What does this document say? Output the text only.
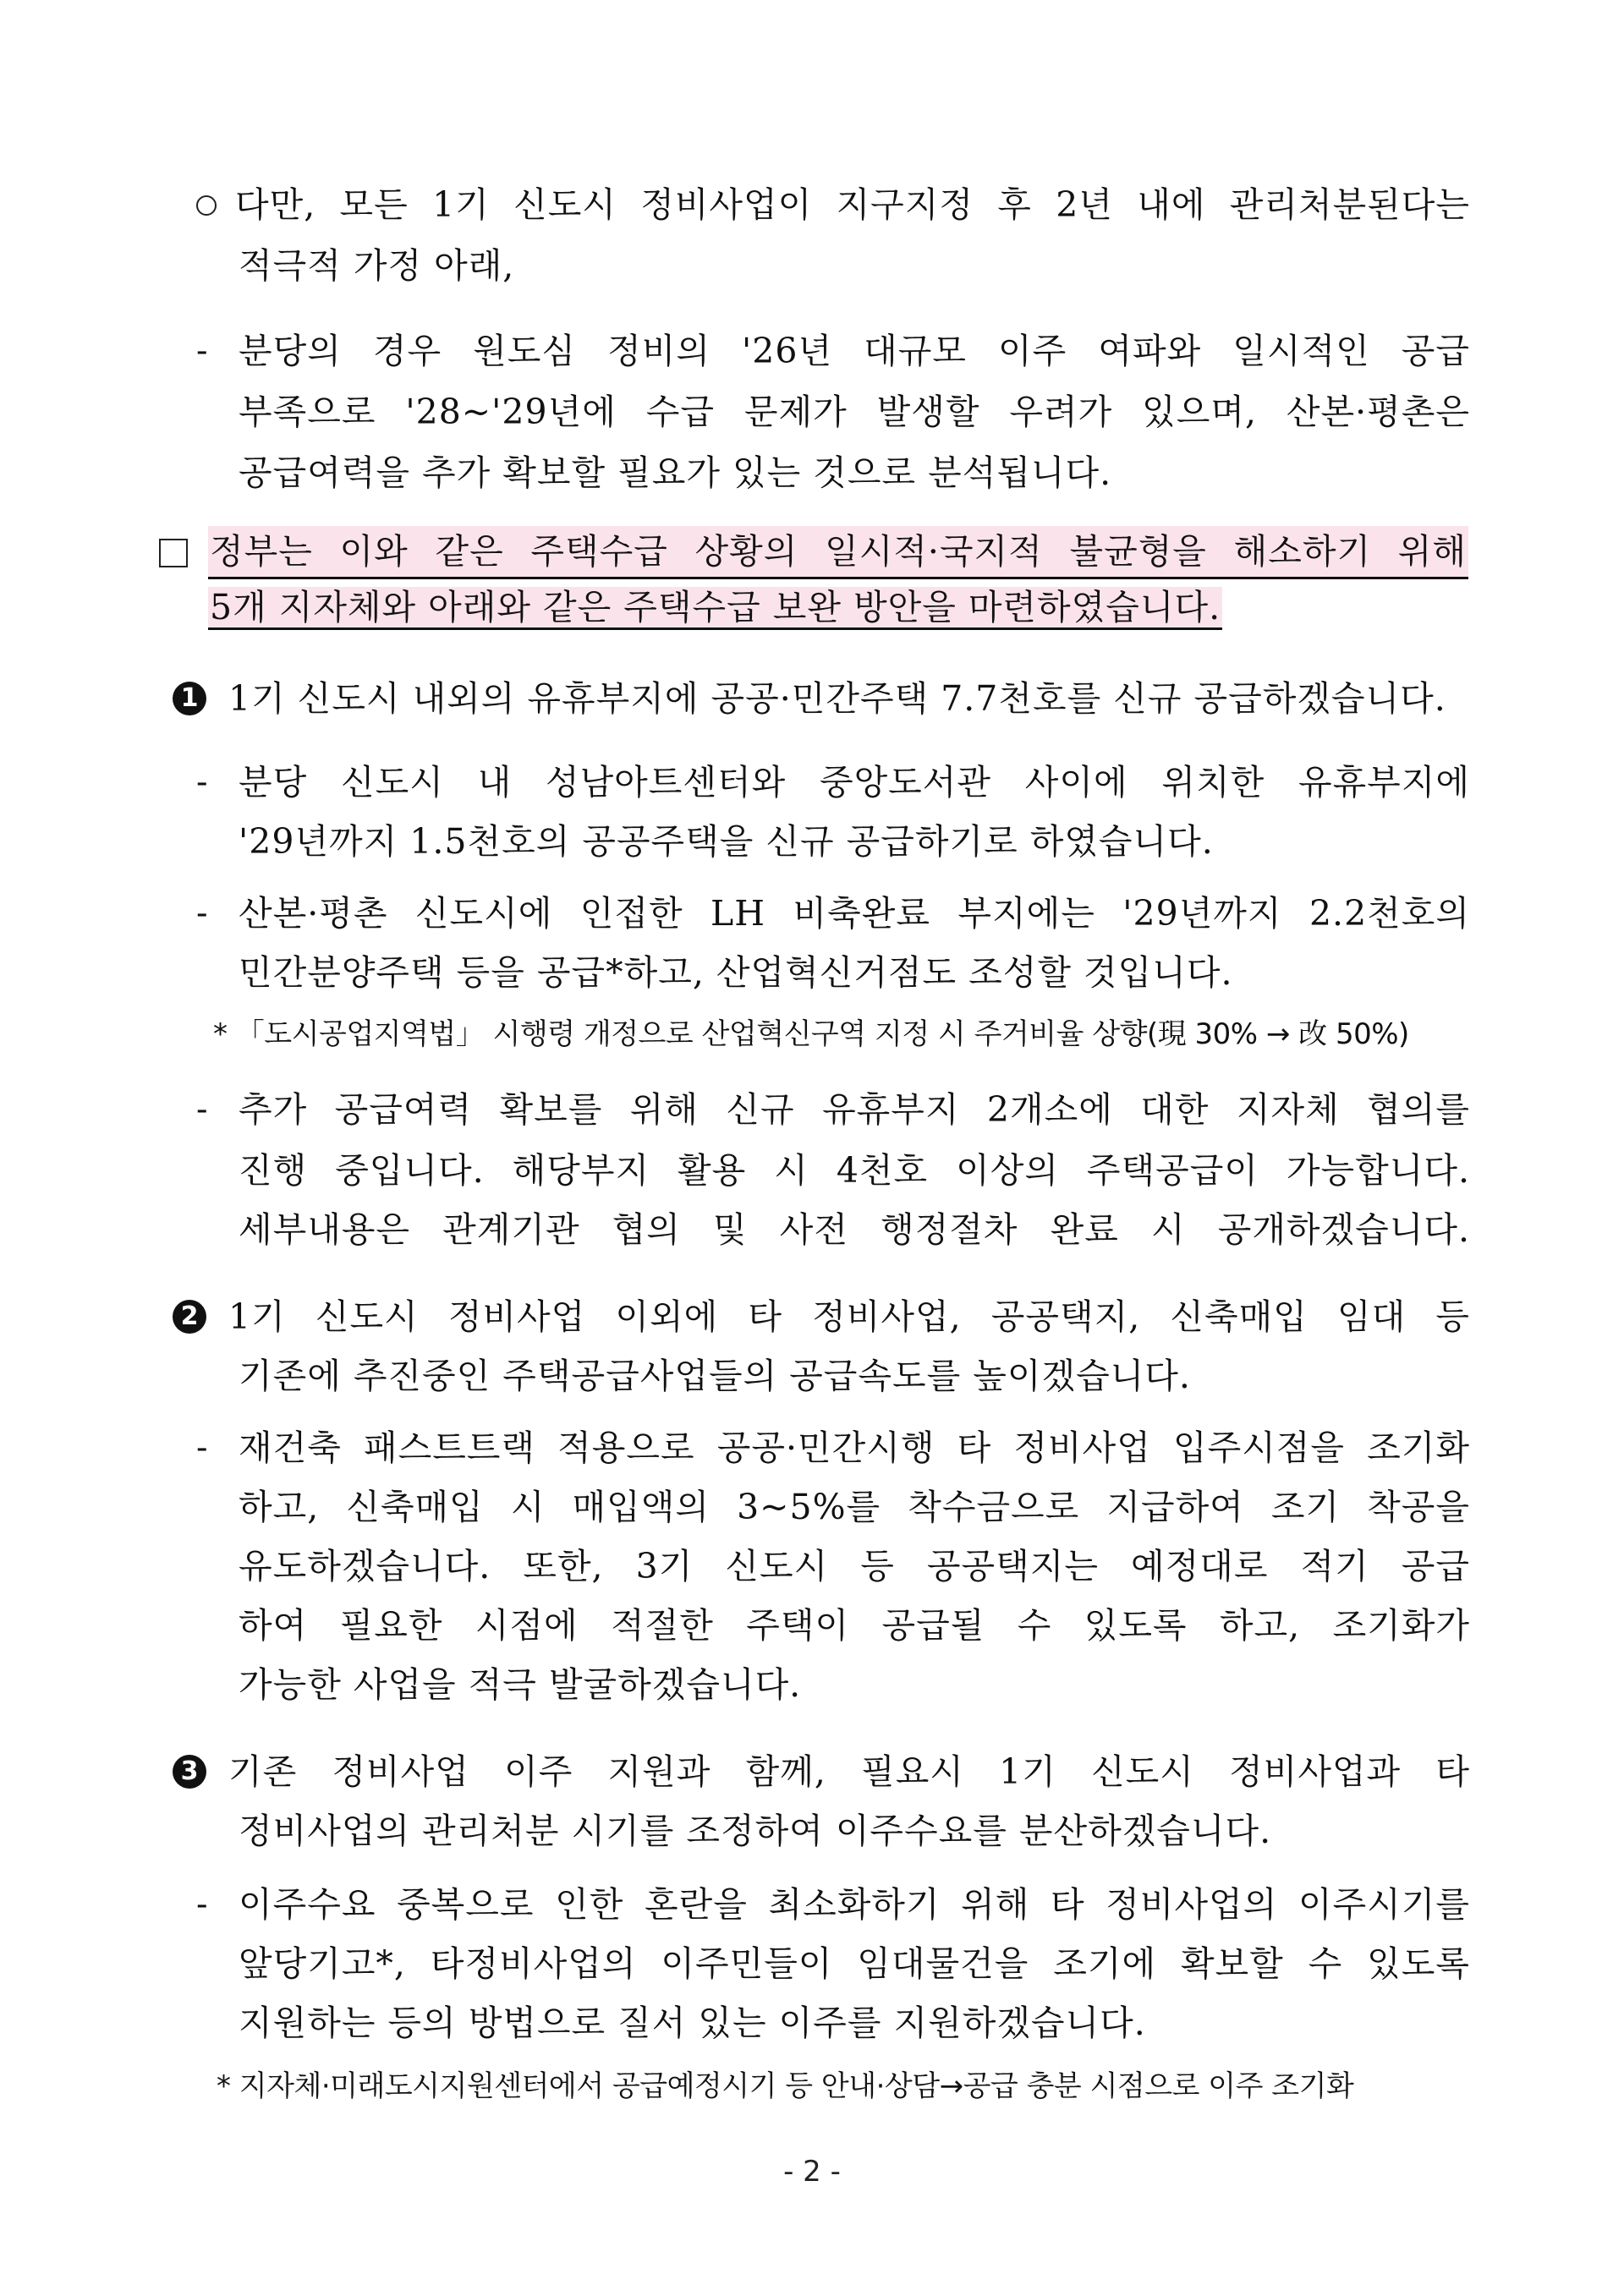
다만, 모든 1기 신도시 정비사업이 지구지정 후 2년 내에 관리처분된다는
적극적 가정 아래,
- 분당의 경우 원도심 정비의 '26년 대규모 이주 여파와 일시적인 공급
부족으로 '28~'29년에 수급 문제가 발생할 우려가 있으며, 산본·평촌은
공급여력을 추가 확보할 필요가 있는 것으로 분석됩니다.
정부는 이와 같은 주택수급 상황의 일시적·국지적 불균형을 해소하기 위해
5개 지자체와 아래와 같은 주택수급 보완 방안을 마련하였습니다.
1 1기 신도시 내외의 유휴부지에 공공·민간주택 7.7천호를 신규 공급하겠습니다.
- 분당 신도시 내 성남아트센터와 중앙도서관 사이에 위치한 유휴부지에
'29년까지 1.5천호의 공공주택을 신규 공급하기로 하였습니다.
- 산본·평촌 신도시에 인접한 LH 비축완료 부지에는 '29년까지 2.2천호의
민간분양주택 등을 공급*하고, 산업혁신거점도 조성할 것입니다.
* 「도시공업지역법」 시행령 개정으로 산업혁신구역 지정 시 주거비율 상향(現 30% → 改 50%)
- 추가 공급여력 확보를 위해 신규 유휴부지 2개소에 대한 지자체 협의를
진행 중입니다. 해당부지 활용 시 4천호 이상의 주택공급이 가능합니다.
세부내용은 관계기관 협의 및 사전 행정절차 완료 시 공개하겠습니다.
2 1기 신도시 정비사업 이외에 타 정비사업, 공공택지, 신축매입 임대 등
기존에 추진중인 주택공급사업들의 공급속도를 높이겠습니다.
- 재건축 패스트트랙 적용으로 공공·민간시행 타 정비사업 입주시점을 조기화
하고, 신축매입 시 매입액의 3~5%를 착수금으로 지급하여 조기 착공을
유도하겠습니다. 또한, 3기 신도시 등 공공택지는 예정대로 적기 공급
하여 필요한 시점에 적절한 주택이 공급될 수 있도록 하고, 조기화가
가능한 사업을 적극 발굴하겠습니다.
3 기존 정비사업 이주 지원과 함께, 필요시 1기 신도시 정비사업과 타
정비사업의 관리처분 시기를 조정하여 이주수요를 분산하겠습니다.
- 이주수요 중복으로 인한 혼란을 최소화하기 위해 타 정비사업의 이주시기를
앞당기고*, 타정비사업의 이주민들이 임대물건을 조기에 확보할 수 있도록
지원하는 등의 방법으로 질서 있는 이주를 지원하겠습니다.
* 지자체·미래도시지원센터에서 공급예정시기 등 안내·상담→공급 충분 시점으로 이주 조기화
- 2 -
